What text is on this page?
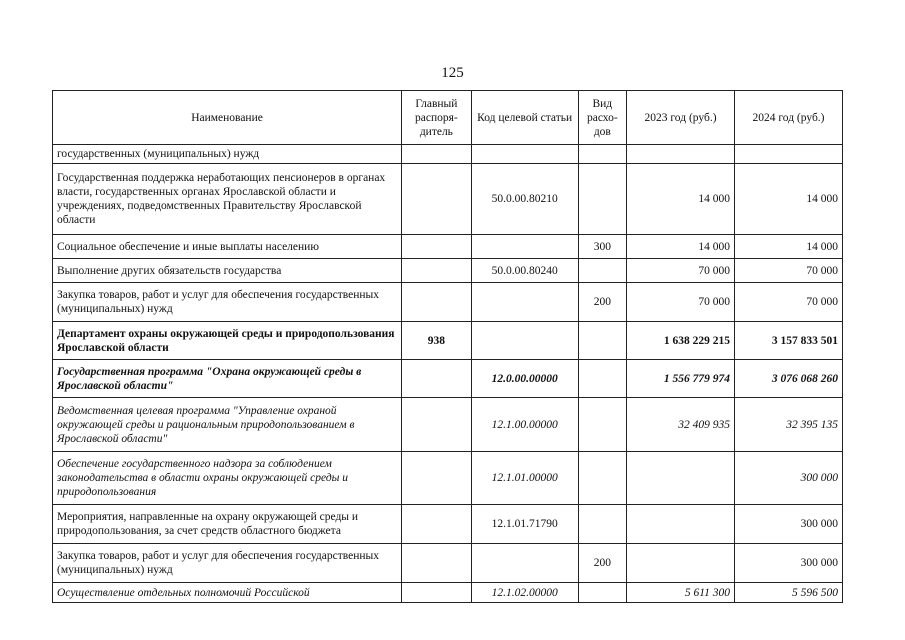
125
Наименование	Главный распоря-дитель	Код целевой статьи	Вид расхо-дов	2023 год (руб.)	2024 год (руб.)
государственных (муниципальных) нужд					
Государственная поддержка неработающих пенсионеров в органах власти, государственных органах Ярославской области и учреждениях, подведомственных Правительству Ярославской области		50.0.00.80210		14 000	14 000
Социальное обеспечение и иные выплаты населению			300	14 000	14 000
Выполнение других обязательств государства		50.0.00.80240		70 000	70 000
Закупка товаров, работ и услуг для обеспечения государственных (муниципальных) нужд			200	70 000	70 000
Департамент охраны окружающей среды и природопользования Ярославской области	938			1 638 229 215	3 157 833 501
Государственная программа "Охрана окружающей среды в Ярославской области"		12.0.00.00000		1 556 779 974	3 076 068 260
Ведомственная целевая программа "Управление охраной окружающей среды и рациональным природопользованием в Ярославской области"		12.1.00.00000		32 409 935	32 395 135
Обеспечение государственного надзора за соблюдением законодательства в области охраны окружающей среды и природопользования		12.1.01.00000			300 000
Мероприятия, направленные на охрану окружающей среды и природопользования, за счет средств областного бюджета		12.1.01.71790			300 000
Закупка товаров, работ и услуг для обеспечения государственных (муниципальных) нужд			200		300 000
Осуществление отдельных полномочий Российской		12.1.02.00000		5 611 300	5 596 500
